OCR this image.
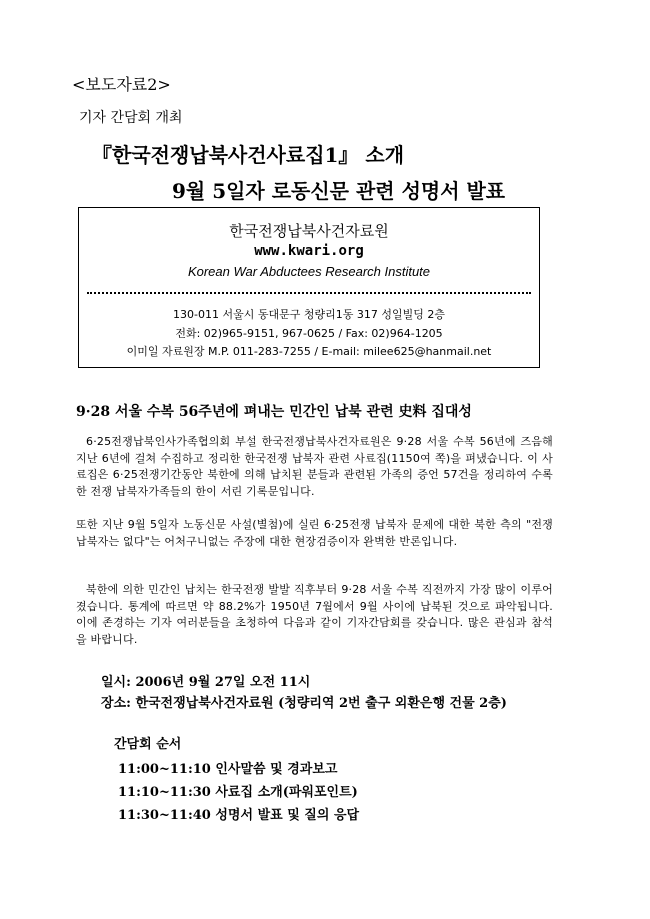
<보도자료2>
기자 간담회 개최
『한국전쟁납북사건사료집1』 소개
9월 5일자 로동신문 관련 성명서 발표
한국전쟁납북사건자료원
www.kwari.org
Korean War Abductees Research Institute
130-011 서울시 동대문구 청량리1동 317 성일빌딩 2층
전화: 02)965-9151, 967-0625 / Fax: 02)964-1205
이미일 자료원장 M.P. 011-283-7255 / E-mail: milee625@hanmail.net
9·28 서울 수복 56주년에 펴내는 민간인 납북 관련 史料 집대성
6·25전쟁납북인사가족협의회 부설 한국전쟁납북사건자료원은 9·28 서울 수복 56년에 즈음해 지난 6년에 걸쳐 수집하고 정리한 한국전쟁 납북자 관련 사료집(1150여 쪽)을 펴냈습니다. 이 사료집은 6·25전쟁기간동안 북한에 의해 납치된 분들과 관련된 가족의 증언 57건을 정리하여 수록한 전쟁 납북자가족들의 한이 서린 기록문입니다.
또한 지난 9월 5일자 노동신문 사설(별첨)에 실린 6·25전쟁 납북자 문제에 대한 북한 측의 "전쟁납북자는 없다"는 어처구니없는 주장에 대한 현장검증이자 완벽한 반론입니다.
북한에 의한 민간인 납치는 한국전쟁 발발 직후부터 9·28 서울 수복 직전까지 가장 많이 이루어졌습니다. 통계에 따르면 약 88.2%가 1950년 7월에서 9월 사이에 납북된 것으로 파악됩니다. 이에 존경하는 기자 여러분들을 초청하여 다음과 같이 기자간담회를 갖습니다. 많은 관심과 참석을 바랍니다.
일시: 2006년 9월 27일 오전 11시
장소: 한국전쟁납북사건자료원 (청량리역 2번 출구 외환은행 건물 2층)
간담회 순서
11:00~11:10 인사말씀 및 경과보고
11:10~11:30 사료집 소개(파워포인트)
11:30~11:40 성명서 발표 및 질의 응답
